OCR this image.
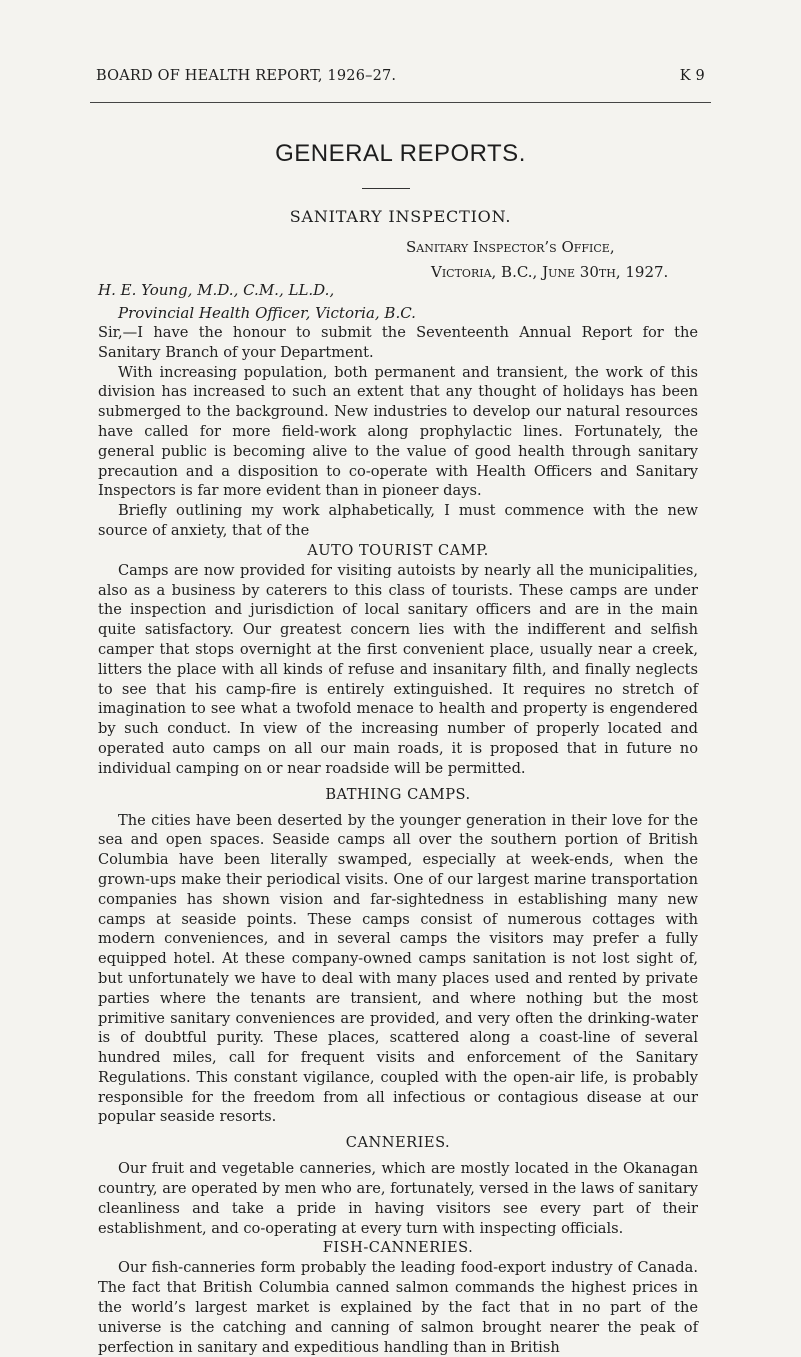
BOARD OF HEALTH REPORT, 1926–27.	K 9
GENERAL REPORTS.
SANITARY INSPECTION.
Sanitary Inspector’s Office,
Victoria, B.C., June 30th, 1927.
H. E. Young, M.D., C.M., LL.D.,
Provincial Health Officer, Victoria, B.C.

Sir,—I have the honour to submit the Seventeenth Annual Report for the Sanitary Branch of your Department.

With increasing population, both permanent and transient, the work of this division has increased to such an extent that any thought of holidays has been submerged to the background. New industries to develop our natural resources have called for more field-work along prophylactic lines. Fortunately, the general public is becoming alive to the value of good health through sanitary precaution and a disposition to co-operate with Health Officers and Sanitary Inspectors is far more evident than in pioneer days.

Briefly outlining my work alphabetically, I must commence with the new source of anxiety, that of the

AUTO TOURIST CAMP.

Camps are now provided for visiting autoists by nearly all the municipalities, also as a business by caterers to this class of tourists. These camps are under the inspection and jurisdiction of local sanitary officers and are in the main quite satisfactory. Our greatest concern lies with the indifferent and selfish camper that stops overnight at the first convenient place, usually near a creek, litters the place with all kinds of refuse and insanitary filth, and finally neglects to see that his camp-fire is entirely extinguished. It requires no stretch of imagination to see what a twofold menace to health and property is engendered by such conduct. In view of the increasing number of properly located and operated auto camps on all our main roads, it is proposed that in future no individual camping on or near roadside will be permitted.

BATHING CAMPS.

The cities have been deserted by the younger generation in their love for the sea and open spaces. Seaside camps all over the southern portion of British Columbia have been literally swamped, especially at week-ends, when the grown-ups make their periodical visits. One of our largest marine transportation companies has shown vision and far-sightedness in establishing many new camps at seaside points. These camps consist of numerous cottages with modern conveniences, and in several camps the visitors may prefer a fully equipped hotel. At these company-owned camps sanitation is not lost sight of, but unfortunately we have to deal with many places used and rented by private parties where the tenants are transient, and where nothing but the most primitive sanitary conveniences are provided, and very often the drinking-water is of doubtful purity. These places, scattered along a coast-line of several hundred miles, call for frequent visits and enforcement of the Sanitary Regulations. This constant vigilance, coupled with the open-air life, is probably responsible for the freedom from all infectious or contagious disease at our popular seaside resorts.

CANNERIES.

Our fruit and vegetable canneries, which are mostly located in the Okanagan country, are operated by men who are, fortunately, versed in the laws of sanitary cleanliness and take a pride in having visitors see every part of their establishment, and co-operating at every turn with inspecting officials.

FISH-CANNERIES.

Our fish-canneries form probably the leading food-export industry of Canada. The fact that British Columbia canned salmon commands the highest prices in the world’s largest market is explained by the fact that in no part of the universe is the catching and canning of salmon brought nearer the peak of perfection in sanitary and expeditious handling than in British
